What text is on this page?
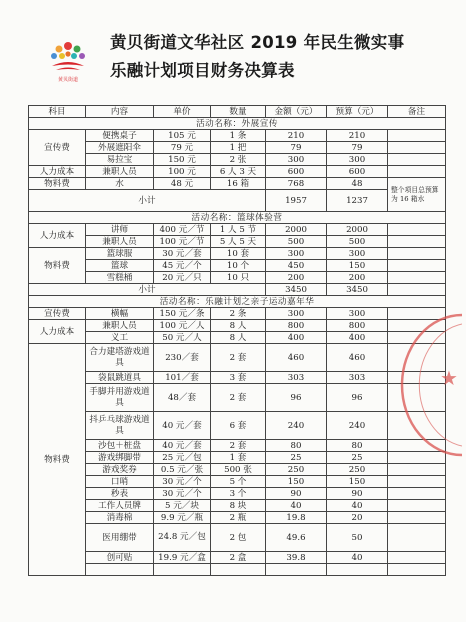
黄贝街道
黄贝街道文华社区 2019 年民生微实事
乐融计划项目财务决算表
科目	内容	单价	数量	金额（元）	预算（元）	备注
活动名称：外展宣传						
宣传费	便携桌子	105 元	1 条	210	210	
	外展遮阳伞	79 元	1 把	79	79	
	易拉宝	150 元	2 张	300	300	
人力成本	兼职人员	100 元	6 人 3 天	600	600	
物料费	水	48 元	16 箱	768	48	整个项目总预算为 16 箱水
小计				1957	1237	
活动名称：篮球体验营						
人力成本	讲师	400 元／节	1 人 5 节	2000	2000	
	兼职人员	100 元／节	5 人 5 天	500	500	
物料费	篮球服	30 元／套	10 套	300	300	
	篮球	45 元／个	10 个	450	150	
	雪糕桶	20 元／只	10 只	200	200	
小计				3450	3450	
活动名称：乐融计划之亲子运动嘉年华						
宣传费	横幅	150 元／条	2 条	300	300	
人力成本	兼职人员	100 元／人	8 人	800	800	
	义工	50 元／人	8 人	400	400	
物料费	合力建塔游戏道具	230／套	2 套	460	460	
	袋鼠跳道具	101／套	3 套	303	303	
	手脚并用游戏道具	48／套	2 套	96	96	
	抖乒乓球游戏道具	40 元／套	6 套	240	240	
	沙包＋桩盘	40 元／套	2 套	80	80	
	游戏绑脚带	25 元／包	1 套	25	25	
	游戏奖券	0.5 元／张	500 张	250	250	
	口哨	30 元／个	5 个	150	150	
	秒表	30 元／个	3 个	90	90	
	工作人员牌	5 元／块	8 块	40	40	
	消毒棉	9.9 元／瓶	2 瓶	19.8	20	
	医用绷带	24.8 元／包	2 包	49.6	50	
	创可贴	19.9 元／盒	2 盒	39.8	40	

★
